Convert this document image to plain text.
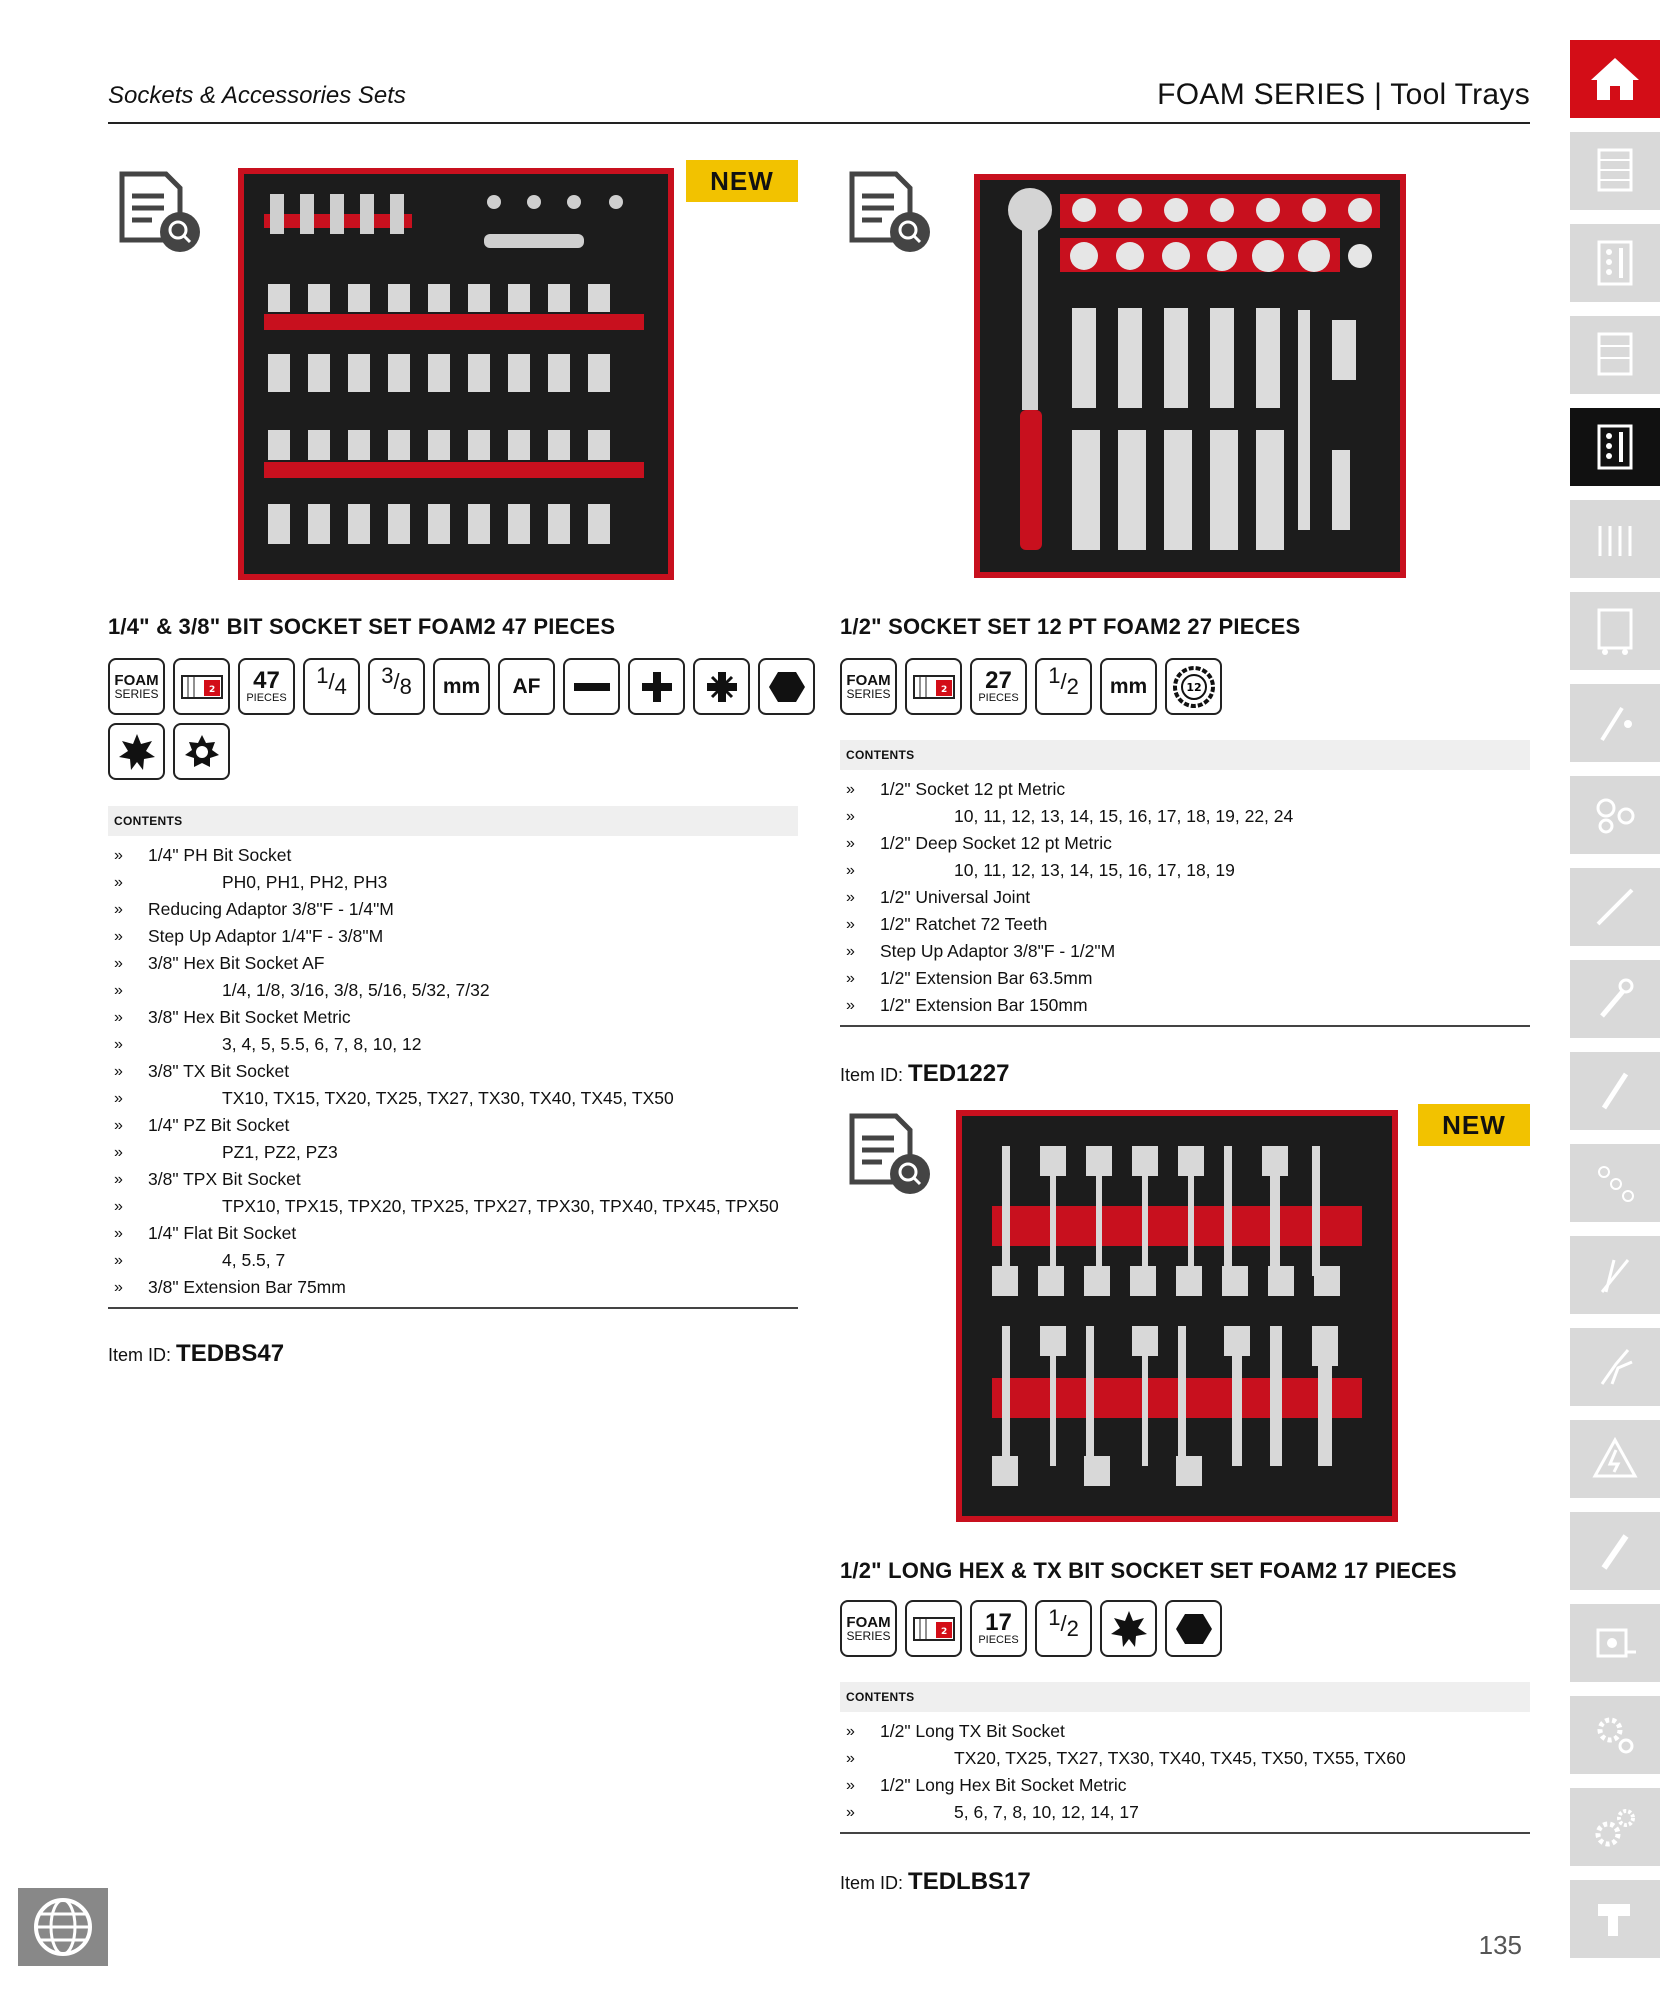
Sockets & Accessories Sets	FOAM SERIES | Tool Trays
NEW
1/4" & 3/8" BIT SOCKET SET FOAM2 47 PIECES
FOAM
SERIES	2 47
PIECES
1 / 4 3 / 8 mm AF
CONTENTS
» 1/4" PH Bit Socket
» PH0, PH1, PH2, PH3
» Reducing Adaptor 3/8"F - 1/4"M
» Step Up Adaptor 1/4"F - 3/8"M
» 3/8" Hex Bit Socket AF
» 1/4, 1/8, 3/16, 3/8, 5/16, 5/32, 7/32
» 3/8" Hex Bit Socket Metric
» 3, 4, 5, 5.5, 6, 7, 8, 10, 12
» 3/8" TX Bit Socket
» TX10, TX15, TX20, TX25, TX27, TX30, TX40, TX45, TX50
» 1/4" PZ Bit Socket
» PZ1, PZ2, PZ3
» 3/8" TPX Bit Socket
» TPX10, TPX15, TPX20, TPX25, TPX27, TPX30, TPX40, TPX45, TPX50
» 1/4" Flat Bit Socket
» 4, 5.5, 7
» 3/8" Extension Bar 75mm
Item ID: TEDBS47
1/2" SOCKET SET 12 PT FOAM2 27 PIECES
FOAM
SERIES	2 27
PIECES
1 / 2 mm	12
CONTENTS
» 1/2" Socket 12 pt Metric
» 10, 11, 12, 13, 14, 15, 16, 17, 18, 19, 22, 24
» 1/2" Deep Socket 12 pt Metric
» 10, 11, 12, 13, 14, 15, 16, 17, 18, 19
» 1/2" Universal Joint
» 1/2" Ratchet 72 Teeth
» Step Up Adaptor 3/8"F - 1/2"M
» 1/2" Extension Bar 63.5mm
» 1/2" Extension Bar 150mm
Item ID: TED1227
NEW
1/2" LONG HEX & TX BIT SOCKET SET FOAM2 17 PIECES
FOAM
SERIES	2 17
PIECES
1 / 2
CONTENTS
» 1/2" Long TX Bit Socket
» TX20, TX25, TX27, TX30, TX40, TX45, TX50, TX55, TX60
» 1/2" Long Hex Bit Socket Metric
» 5, 6, 7, 8, 10, 12, 14, 17
Item ID: TEDLBS17
135
